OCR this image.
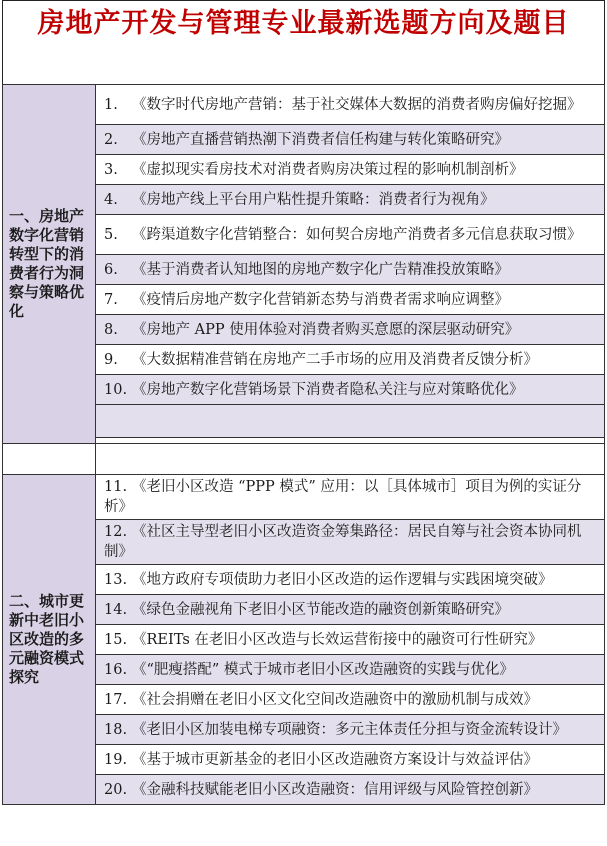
房地产开发与管理专业最新选题方向及题目
一、房地产数字化营销转型下的消费者行为洞察与策略优化	1. 《数字时代房地产营销：基于社交媒体大数据的消费者购房偏好挖掘》
	2. 《房地产直播营销热潮下消费者信任构建与转化策略研究》
	3. 《虚拟现实看房技术对消费者购房决策过程的影响机制剖析》
	4. 《房地产线上平台用户粘性提升策略：消费者行为视角》
	5. 《跨渠道数字化营销整合：如何契合房地产消费者多元信息获取习惯》
	6. 《基于消费者认知地图的房地产数字化广告精准投放策略》
	7. 《疫情后房地产数字化营销新态势与消费者需求响应调整》
	8. 《房地产 APP 使用体验对消费者购买意愿的深层驱动研究》
	9. 《大数据精准营销在房地产二手市场的应用及消费者反馈分析》
	10. 《房地产数字化营销场景下消费者隐私关注与应对策略优化》

二、城市更新中老旧小区改造的多元融资模式探究	11. 《老旧小区改造 “PPP 模式” 应用：以［具体城市］项目为例的实证分析》
	12. 《社区主导型老旧小区改造资金筹集路径：居民自筹与社会资本协同机制》
	13. 《地方政府专项债助力老旧小区改造的运作逻辑与实践困境突破》
	14. 《绿色金融视角下老旧小区节能改造的融资创新策略研究》
	15. 《REITs 在老旧小区改造与长效运营衔接中的融资可行性研究》
	16. 《“肥瘦搭配” 模式于城市老旧小区改造融资的实践与优化》
	17. 《社会捐赠在老旧小区文化空间改造融资中的激励机制与成效》
	18. 《老旧小区加装电梯专项融资：多元主体责任分担与资金流转设计》
	19. 《基于城市更新基金的老旧小区改造融资方案设计与效益评估》
	20. 《金融科技赋能老旧小区改造融资：信用评级与风险管控创新》
